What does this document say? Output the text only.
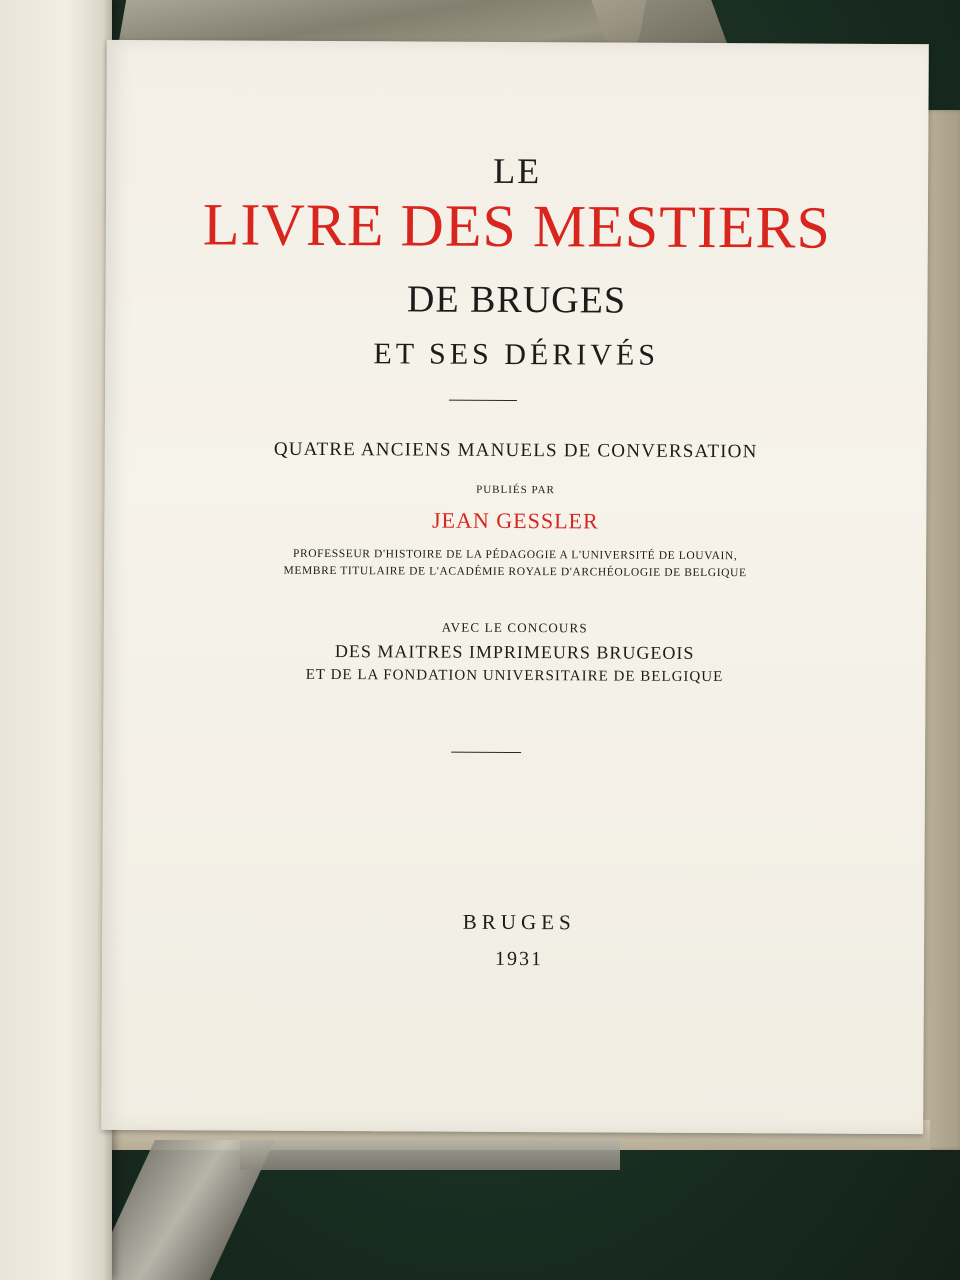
LE
LIVRE DES MESTIERS
DE BRUGES
ET SES DÉRIVÉS
QUATRE ANCIENS MANUELS DE CONVERSATION
PUBLIÉS PAR
JEAN GESSLER
PROFESSEUR D'HISTOIRE DE LA PÉDAGOGIE A L'UNIVERSITÉ DE LOUVAIN,
MEMBRE TITULAIRE DE L'ACADÉMIE ROYALE D'ARCHÉOLOGIE DE BELGIQUE
AVEC LE CONCOURS
DES MAITRES IMPRIMEURS BRUGEOIS
ET DE LA FONDATION UNIVERSITAIRE DE BELGIQUE
BRUGES
1931
